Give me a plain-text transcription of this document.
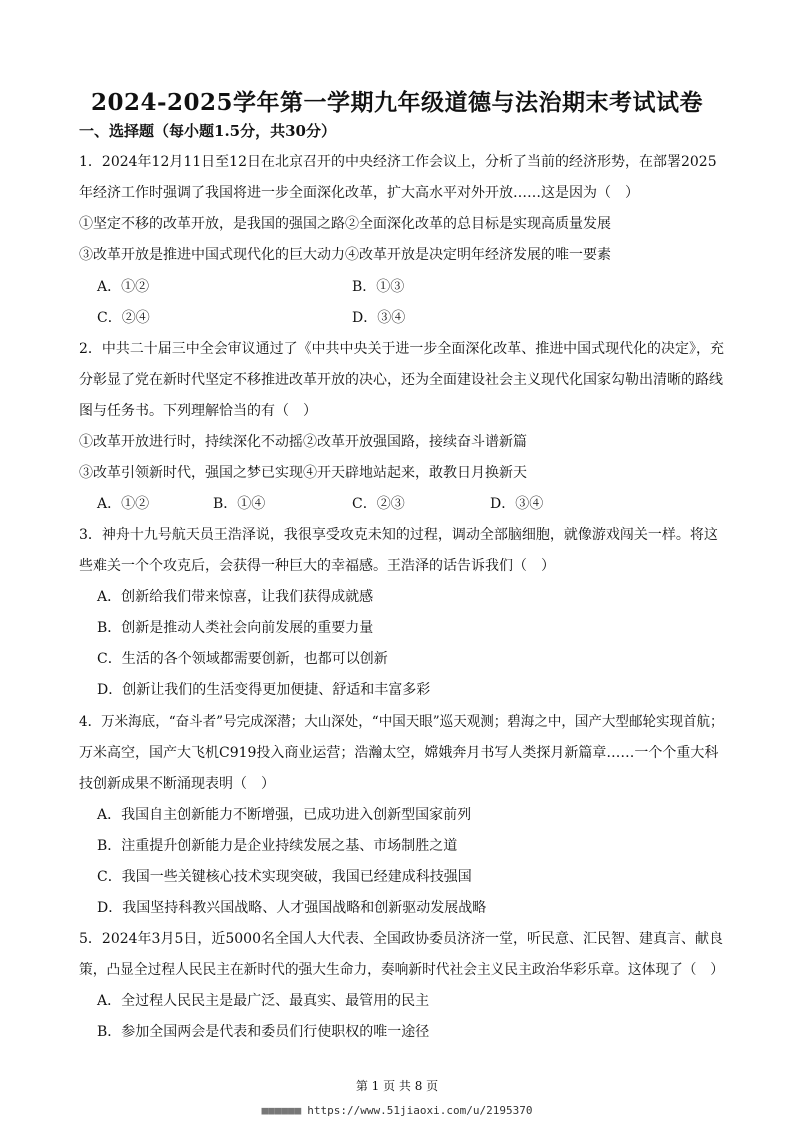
2024-2025学年第一学期九年级道德与法治期末考试试卷
一、选择题（每小题1.5分，共30分）
1．2024年12月11日至12日在北京召开的中央经济工作会议上，分析了当前的经济形势，在部署2025
年经济工作时强调了我国将进一步全面深化改革，扩大高水平对外开放……这是因为（　）
①坚定不移的改革开放，是我国的强国之路②全面深化改革的总目标是实现高质量发展
③改革开放是推进中国式现代化的巨大动力④改革开放是决定明年经济发展的唯一要素
A．①②	B．①③
C．②④	D．③④
2．中共二十届三中全会审议通过了《中共中央关于进一步全面深化改革、推进中国式现代化的决定》，充
分彰显了党在新时代坚定不移推进改革开放的决心，还为全面建设社会主义现代化国家勾勒出清晰的路线
图与任务书。下列理解恰当的有（　）
①改革开放进行时，持续深化不动摇②改革开放强国路，接续奋斗谱新篇
③改革引领新时代，强国之梦已实现④开天辟地站起来，敢教日月换新天
A．①②	B．①④	C．②③	D．③④
3．神舟十九号航天员王浩泽说，我很享受攻克未知的过程，调动全部脑细胞，就像游戏闯关一样。将这
些难关一个个攻克后，会获得一种巨大的幸福感。王浩泽的话告诉我们（　）
A．创新给我们带来惊喜，让我们获得成就感
B．创新是推动人类社会向前发展的重要力量
C．生活的各个领域都需要创新，也都可以创新
D．创新让我们的生活变得更加便捷、舒适和丰富多彩
4．万米海底，“奋斗者”号完成深潜；大山深处，“中国天眼”巡天观测；碧海之中，国产大型邮轮实现首航；
万米高空，国产大飞机C919投入商业运营；浩瀚太空，嫦娥奔月书写人类探月新篇章……一个个重大科
技创新成果不断涌现表明（　）
A．我国自主创新能力不断增强，已成功进入创新型国家前列
B．注重提升创新能力是企业持续发展之基、市场制胜之道
C．我国一些关键核心技术实现突破，我国已经建成科技强国
D．我国坚持科教兴国战略、人才强国战略和创新驱动发展战略
5．2024年3月5日，近5000名全国人大代表、全国政协委员济济一堂，听民意、汇民智、建真言、献良
策，凸显全过程人民民主在新时代的强大生命力，奏响新时代社会主义民主政治华彩乐章。这体现了（　）
A．全过程人民民主是最广泛、最真实、最管用的民主
B．参加全国两会是代表和委员们行使职权的唯一途径
第 1 页 共 8 页
■■■■■■ https://www.51jiaoxi.com/u/2195370
